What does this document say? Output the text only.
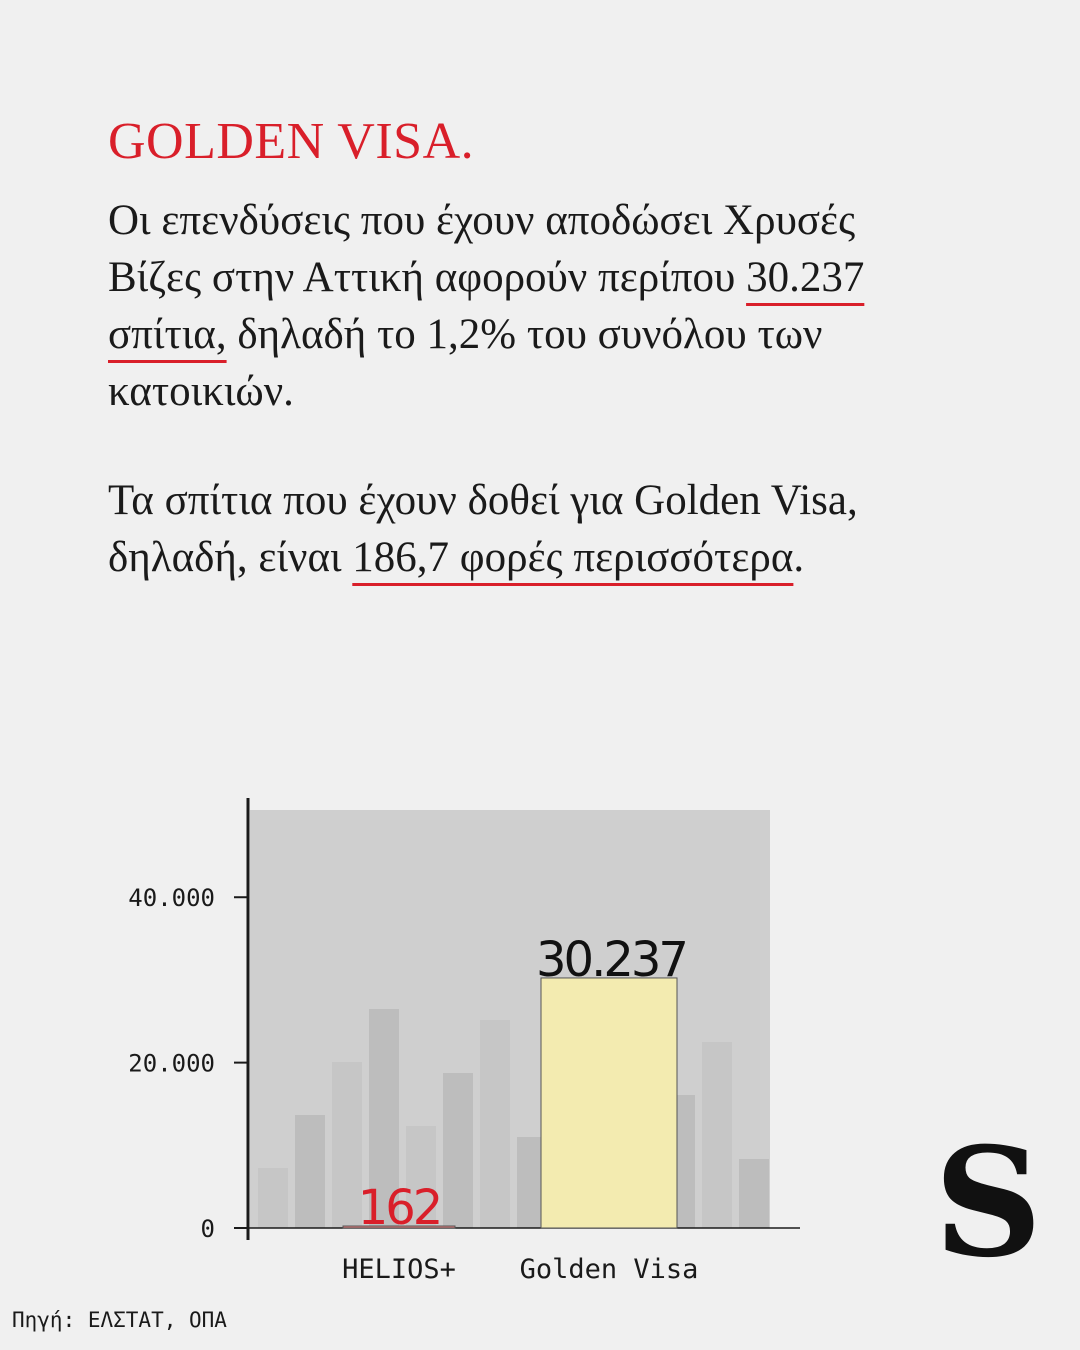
GOLDEN VISA.

Οι επενδύσεις που έχουν αποδώσει Χρυσές Βίζες στην Αττική αφορούν περίπου 30.237 σπίτια, δηλαδή το 1,2% του συνόλου των κατοικιών.

Τα σπίτια που έχουν δοθεί για Golden Visa, δηλαδή, είναι 186,7 φορές περισσότερα.

0
20.000
40.000
162
HELIOS+
30.237
Golden Visa
Πηγή: ΕΛΣΤΑΤ, ΟΠΑ
S
